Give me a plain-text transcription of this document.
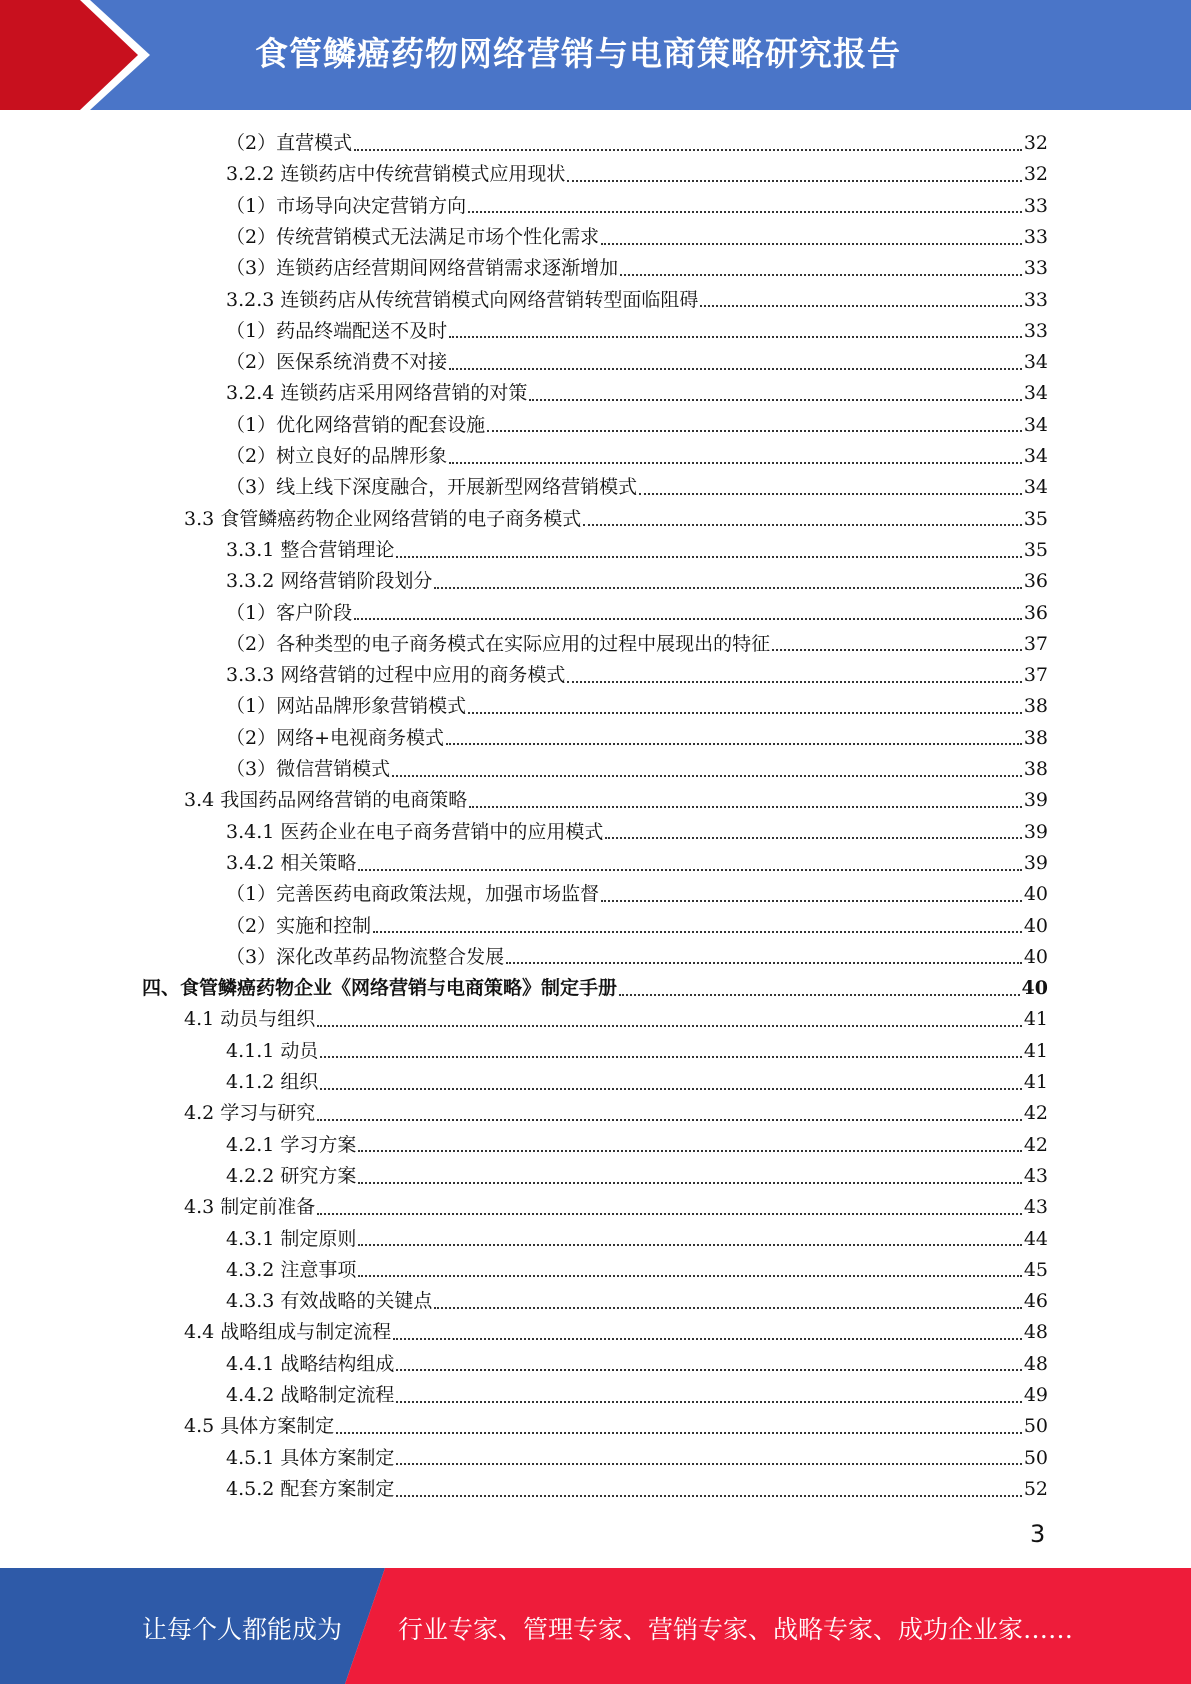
食管鳞癌药物网络营销与电商策略研究报告
（2）直营模式	32
3.2.2 连锁药店中传统营销模式应用现状	32
（1）市场导向决定营销方向	33
（2）传统营销模式无法满足市场个性化需求	33
（3）连锁药店经营期间网络营销需求逐渐增加	33
3.2.3 连锁药店从传统营销模式向网络营销转型面临阻碍	33
（1）药品终端配送不及时	33
（2）医保系统消费不对接	34
3.2.4 连锁药店采用网络营销的对策	34
（1）优化网络营销的配套设施	34
（2）树立良好的品牌形象	34
（3）线上线下深度融合，开展新型网络营销模式	34
3.3 食管鳞癌药物企业网络营销的电子商务模式	35
3.3.1 整合营销理论	35
3.3.2 网络营销阶段划分	36
（1）客户阶段	36
（2）各种类型的电子商务模式在实际应用的过程中展现出的特征	37
3.3.3 网络营销的过程中应用的商务模式	37
（1）网站品牌形象营销模式	38
（2）网络+电视商务模式	38
（3）微信营销模式	38
3.4 我国药品网络营销的电商策略	39
3.4.1 医药企业在电子商务营销中的应用模式	39
3.4.2 相关策略	39
（1）完善医药电商政策法规，加强市场监督	40
（2）实施和控制	40
（3）深化改革药品物流整合发展	40
四、食管鳞癌药物企业《网络营销与电商策略》制定手册	40
4.1 动员与组织	41
4.1.1 动员	41
4.1.2 组织	41
4.2 学习与研究	42
4.2.1 学习方案	42
4.2.2 研究方案	43
4.3 制定前准备	43
4.3.1 制定原则	44
4.3.2 注意事项	45
4.3.3 有效战略的关键点	46
4.4 战略组成与制定流程	48
4.4.1 战略结构组成	48
4.4.2 战略制定流程	49
4.5 具体方案制定	50
4.5.1 具体方案制定	50
4.5.2 配套方案制定	52
3
让每个人都能成为 行业专家、管理专家、营销专家、战略专家、成功企业家……
